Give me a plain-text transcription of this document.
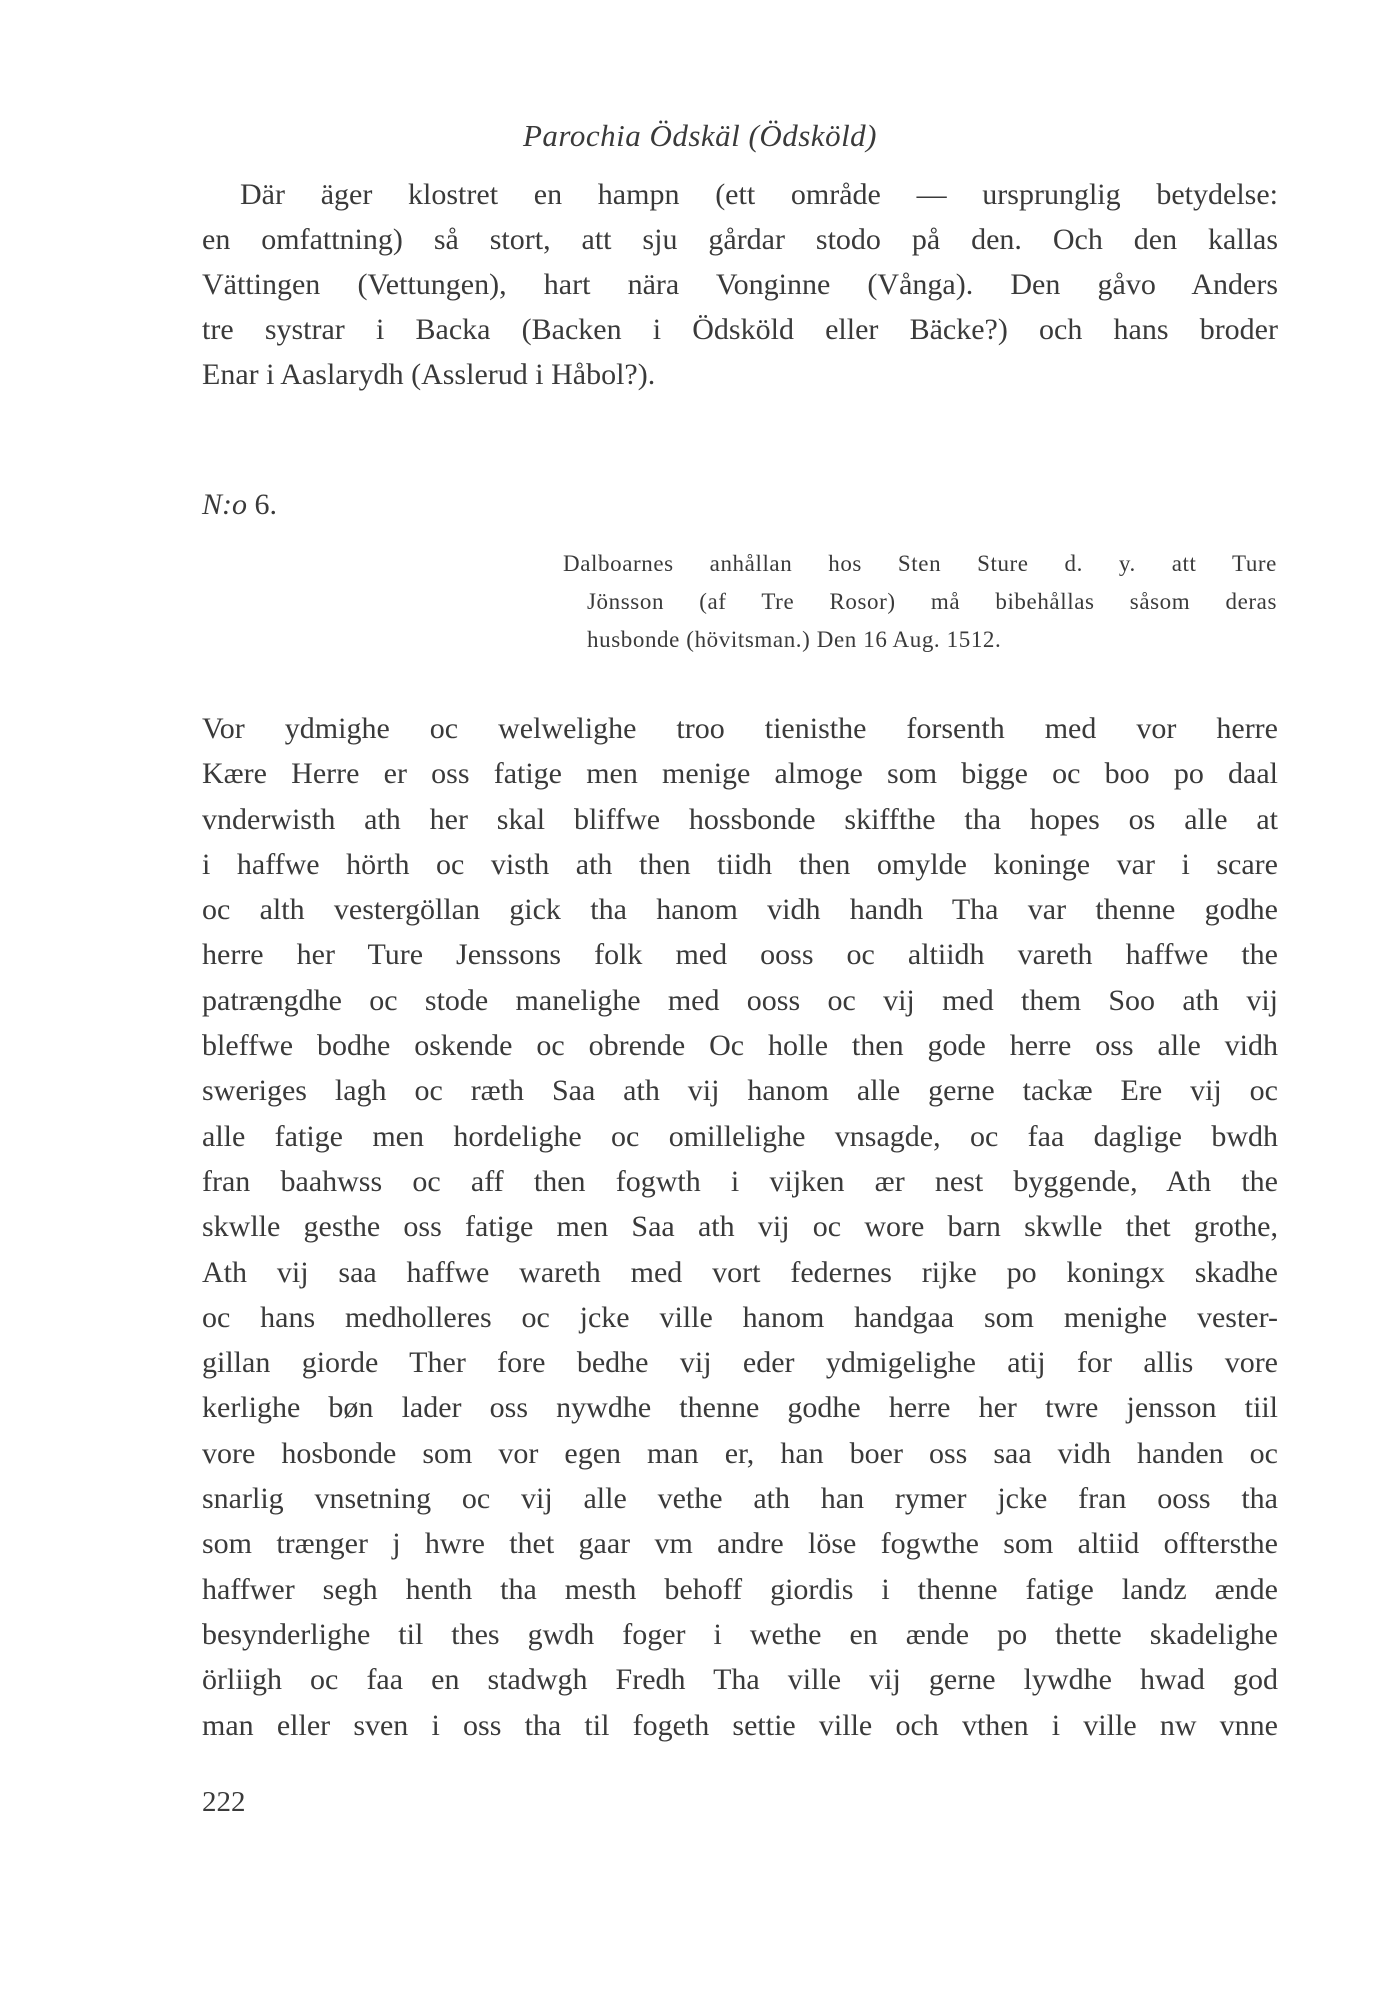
Parochia Ödskäl (Ödsköld)
Där äger klostret en hampn (ett område — ursprunglig betydelse:
en omfattning) så stort, att sju gårdar stodo på den. Och den kallas
Vättingen (Vettungen), hart nära Vonginne (Vånga). Den gåvo Anders
tre systrar i Backa (Backen i Ödsköld eller Bäcke?) och hans broder
Enar i Aaslarydh (Asslerud i Håbol?).
N:o 6.
Dalboarnes anhållan hos Sten Sture d. y. att Ture
Jönsson (af Tre Rosor) må bibehållas såsom deras
husbonde (hövitsman.) Den 16 Aug. 1512.
Vor ydmighe oc welwelighe troo tienisthe forsenth med vor herre
Kære Herre er oss fatige men menige almoge som bigge oc boo po daal
vnderwisth ath her skal bliffwe hossbonde skiffthe tha hopes os alle at
i haffwe hörth oc visth ath then tiidh then omylde koninge var i scare
oc alth vestergöllan gick tha hanom vidh handh Tha var thenne godhe
herre her Ture Jenssons folk med ooss oc altiidh vareth haffwe the
patrængdhe oc stode manelighe med ooss oc vij med them Soo ath vij
bleffwe bodhe oskende oc obrende Oc holle then gode herre oss alle vidh
sweriges lagh oc ræth Saa ath vij hanom alle gerne tackæ Ere vij oc
alle fatige men hordelighe oc omillelighe vnsagde, oc faa daglige bwdh
fran baahwss oc aff then fogwth i vijken ær nest byggende, Ath the
skwlle gesthe oss fatige men Saa ath vij oc wore barn skwlle thet grothe,
Ath vij saa haffwe wareth med vort federnes rijke po koningx skadhe
oc hans medholleres oc jcke ville hanom handgaa som menighe vester-
gillan giorde Ther fore bedhe vij eder ydmigelighe atij for allis vore
kerlighe bøn lader oss nywdhe thenne godhe herre her twre jensson tiil
vore hosbonde som vor egen man er, han boer oss saa vidh handen oc
snarlig vnsetning oc vij alle vethe ath han rymer jcke fran ooss tha
som trænger j hwre thet gaar vm andre löse fogwthe som altiid offtersthe
haffwer segh henth tha mesth behoff giordis i thenne fatige landz ænde
besynderlighe til thes gwdh foger i wethe en ænde po thette skadelighe
örliigh oc faa en stadwgh Fredh Tha ville vij gerne lywdhe hwad god
man eller sven i oss tha til fogeth settie ville och vthen i ville nw vnne
222
